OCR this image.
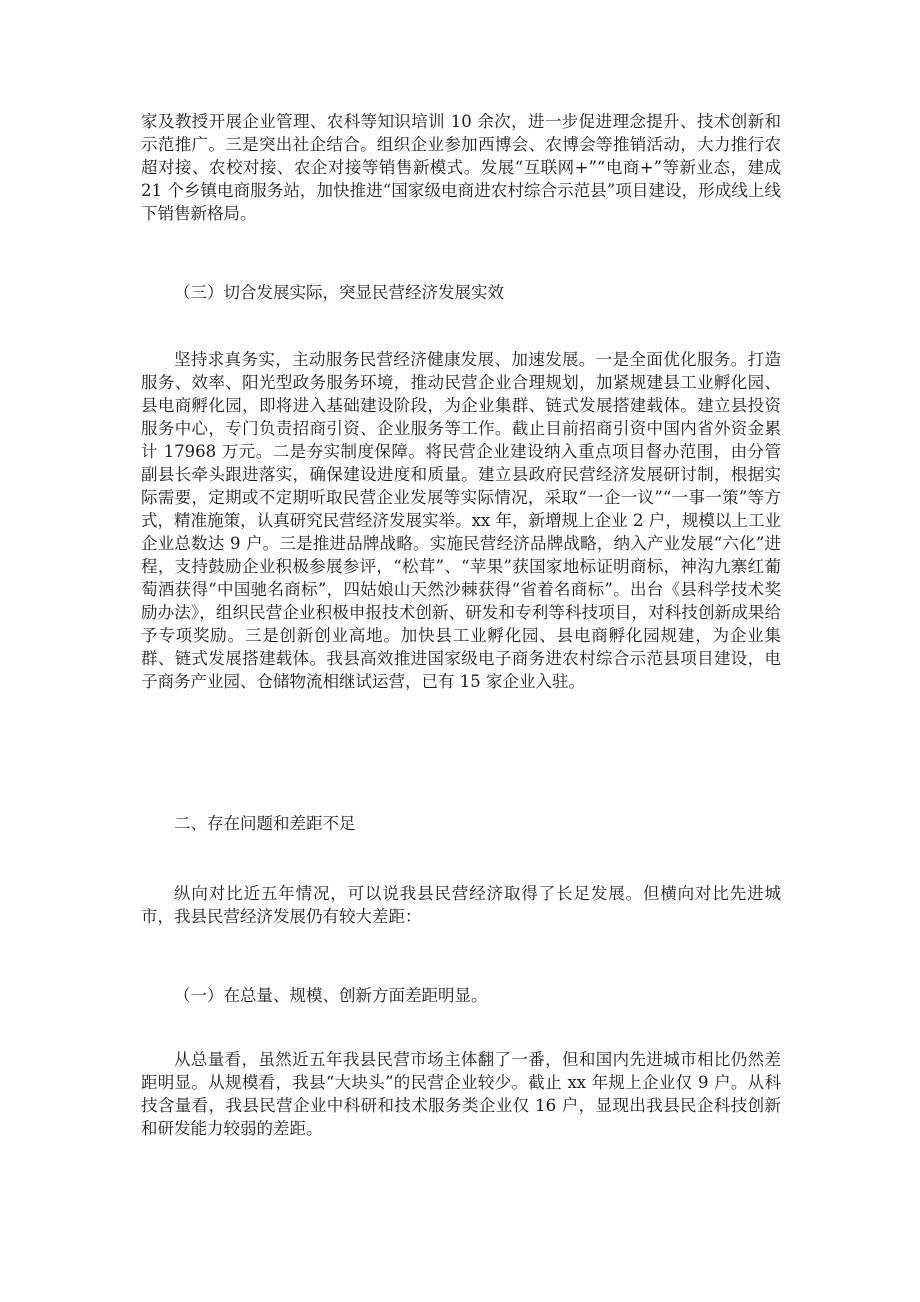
家及教授开展企业管理、农科等知识培训 10 余次，进一步促进理念提升、技术创新和示范推广。三是突出社企结合。组织企业参加西博会、农博会等推销活动，大力推行农超对接、农校对接、农企对接等销售新模式。发展“互联网+”“电商+”等新业态，建成 21 个乡镇电商服务站，加快推进“国家级电商进农村综合示范县”项目建设，形成线上线下销售新格局。

（三）切合发展实际，突显民营经济发展实效

坚持求真务实，主动服务民营经济健康发展、加速发展。一是全面优化服务。打造服务、效率、阳光型政务服务环境，推动民营企业合理规划，加紧规建县工业孵化园、县电商孵化园，即将进入基础建设阶段，为企业集群、链式发展搭建载体。建立县投资服务中心，专门负责招商引资、企业服务等工作。截止目前招商引资中国内省外资金累计 17968 万元。二是夯实制度保障。将民营企业建设纳入重点项目督办范围，由分管副县长牵头跟进落实，确保建设进度和质量。建立县政府民营经济发展研讨制，根据实际需要，定期或不定期听取民营企业发展等实际情况，采取“一企一议”“一事一策”等方式，精准施策，认真研究民营经济发展实举。xx 年，新增规上企业 2 户，规模以上工业企业总数达 9 户。三是推进品牌战略。实施民营经济品牌战略，纳入产业发展“六化”进程，支持鼓励企业积极参展参评，“松茸”、“苹果”获国家地标证明商标，神沟九寨红葡萄酒获得“中国驰名商标”，四姑娘山天然沙棘获得“省着名商标”。出台《县科学技术奖励办法》，组织民营企业积极申报技术创新、研发和专利等科技项目，对科技创新成果给予专项奖励。三是创新创业高地。加快县工业孵化园、县电商孵化园规建，为企业集群、链式发展搭建载体。我县高效推进国家级电子商务进农村综合示范县项目建设，电子商务产业园、仓储物流相继试运营，已有 15 家企业入驻。

二、存在问题和差距不足

纵向对比近五年情况，可以说我县民营经济取得了长足发展。但横向对比先进城市，我县民营经济发展仍有较大差距：

（一）在总量、规模、创新方面差距明显。

从总量看，虽然近五年我县民营市场主体翻了一番，但和国内先进城市相比仍然差距明显。从规模看，我县“大块头”的民营企业较少。截止 xx 年规上企业仅 9 户。从科技含量看，我县民营企业中科研和技术服务类企业仅 16 户，显现出我县民企科技创新和研发能力较弱的差距。
